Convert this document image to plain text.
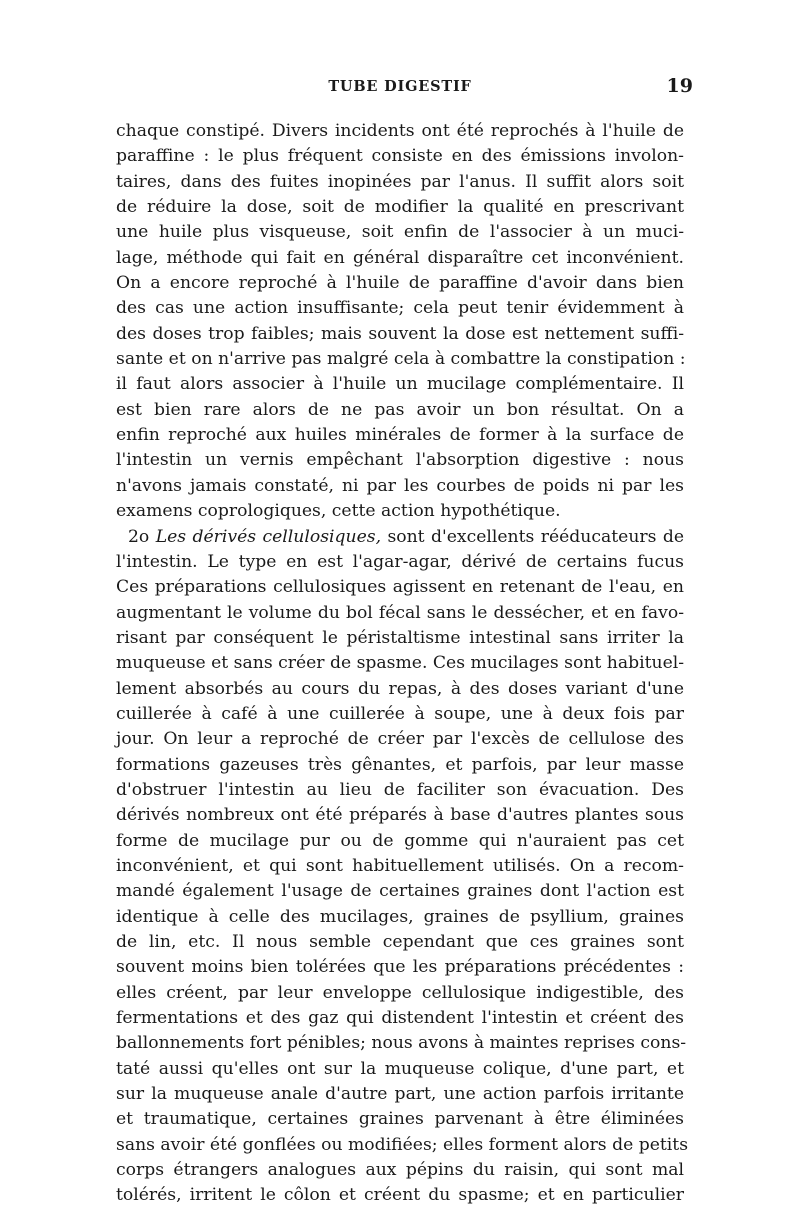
TUBE DIGESTIF	19
chaque constipé. Divers incidents ont été reprochés à l'huile de
paraffine : le plus fréquent consiste en des émissions involon-
taires, dans des fuites inopinées par l'anus. Il suffit alors soit
de réduire la dose, soit de modifier la qualité en prescrivant
une huile plus visqueuse, soit enfin de l'associer à un muci-
lage, méthode qui fait en général disparaître cet inconvénient.
On a encore reproché à l'huile de paraffine d'avoir dans bien
des cas une action insuffisante; cela peut tenir évidemment à
des doses trop faibles; mais souvent la dose est nettement suffi-
sante et on n'arrive pas malgré cela à combattre la constipation :
il faut alors associer à l'huile un mucilage complémentaire. Il
est bien rare alors de ne pas avoir un bon résultat. On a
enfin reproché aux huiles minérales de former à la surface de
l'intestin un vernis empêchant l'absorption digestive : nous
n'avons jamais constaté, ni par les courbes de poids ni par les
examens coprologiques, cette action hypothétique.
2o Les dérivés cellulosiques, sont d'excellents rééducateurs de
l'intestin. Le type en est l'agar-agar, dérivé de certains fucus
Ces préparations cellulosiques agissent en retenant de l'eau, en
augmentant le volume du bol fécal sans le dessécher, et en favo-
risant par conséquent le péristaltisme intestinal sans irriter la
muqueuse et sans créer de spasme. Ces mucilages sont habituel-
lement absorbés au cours du repas, à des doses variant d'une
cuillerée à café à une cuillerée à soupe, une à deux fois par
jour. On leur a reproché de créer par l'excès de cellulose des
formations gazeuses très gênantes, et parfois, par leur masse
d'obstruer l'intestin au lieu de faciliter son évacuation. Des
dérivés nombreux ont été préparés à base d'autres plantes sous
forme de mucilage pur ou de gomme qui n'auraient pas cet
inconvénient, et qui sont habituellement utilisés. On a recom-
mandé également l'usage de certaines graines dont l'action est
identique à celle des mucilages, graines de psyllium, graines
de lin, etc. Il nous semble cependant que ces graines sont
souvent moins bien tolérées que les préparations précédentes :
elles créent, par leur enveloppe cellulosique indigestible, des
fermentations et des gaz qui distendent l'intestin et créent des
ballonnements fort pénibles; nous avons à maintes reprises cons-
taté aussi qu'elles ont sur la muqueuse colique, d'une part, et
sur la muqueuse anale d'autre part, une action parfois irritante
et traumatique, certaines graines parvenant à être éliminées
sans avoir été gonflées ou modifiées; elles forment alors de petits
corps étrangers analogues aux pépins du raisin, qui sont mal
tolérés, irritent le côlon et créent du spasme; et en particulier
